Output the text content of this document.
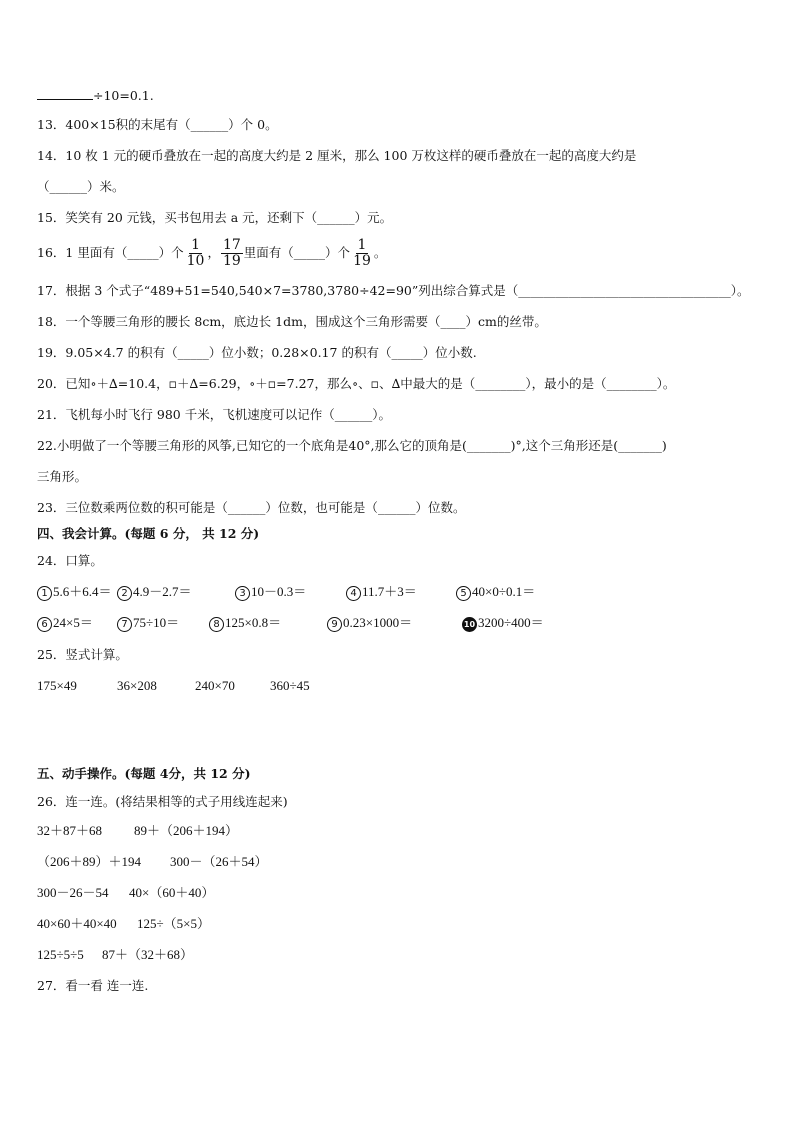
÷10=0.1.
13．400×15积的末尾有（______）个 0。
14．10 枚 1 元的硬币叠放在一起的高度大约是 2 厘米，那么 100 万枚这样的硬币叠放在一起的高度大约是
（______）米。
15．笑笑有 20 元钱，买书包用去 a 元，还剩下（______）元。
16．1 里面有（_____）个 $\frac{1}{10}$ ， $\frac{17}{19}$ 里面有（_____）个 $\frac{1}{19}$ 。
17．根据 3 个式子“489+51=540,540×7=3780,3780÷42=90”列出综合算式是（__________________________________）。
18．一个等腰三角形的腰长 8cm，底边长 1dm，围成这个三角形需要（____）cm的丝带。
19．9.05×4.7 的积有（_____）位小数；0.28×0.17 的积有（_____）位小数.
20．已知∘＋∆=10.4，▫＋∆=6.29，∘＋▫=7.27，那么∘、▫、∆中最大的是（________），最小的是（________）。
21．飞机每小时飞行 980 千米，飞机速度可以记作（______）。
22.小明做了一个等腰三角形的风筝,已知它的一个底角是40°,那么它的顶角是(_______)°,这个三角形还是(_______)
三角形。
23．三位数乘两位数的积可能是（______）位数，也可能是（______）位数。
四、我会计算。(每题 6 分， 共 12 分)
24．口算。
1 5.6＋6.4＝ 2 4.9－2.7＝	3 10－0.3＝	4 11.7＋3＝	5 40×0÷0.1＝
6 24×5＝	7 75÷10＝	8 125×0.8＝	9 0.23×1000＝	10 3200÷400＝
25．竖式计算。
175×49	36×208	240×70	360÷45
五、动手操作。(每题 4分，共 12 分)
26．连一连。(将结果相等的式子用线连起来)
32＋87＋68	89＋（206＋194）
（206＋89）＋194	300－（26＋54）
300－26－54	40×（60＋40）
40×60＋40×40	125÷（5×5）
125÷5÷5	87＋（32＋68）
27．看一看 连一连.
